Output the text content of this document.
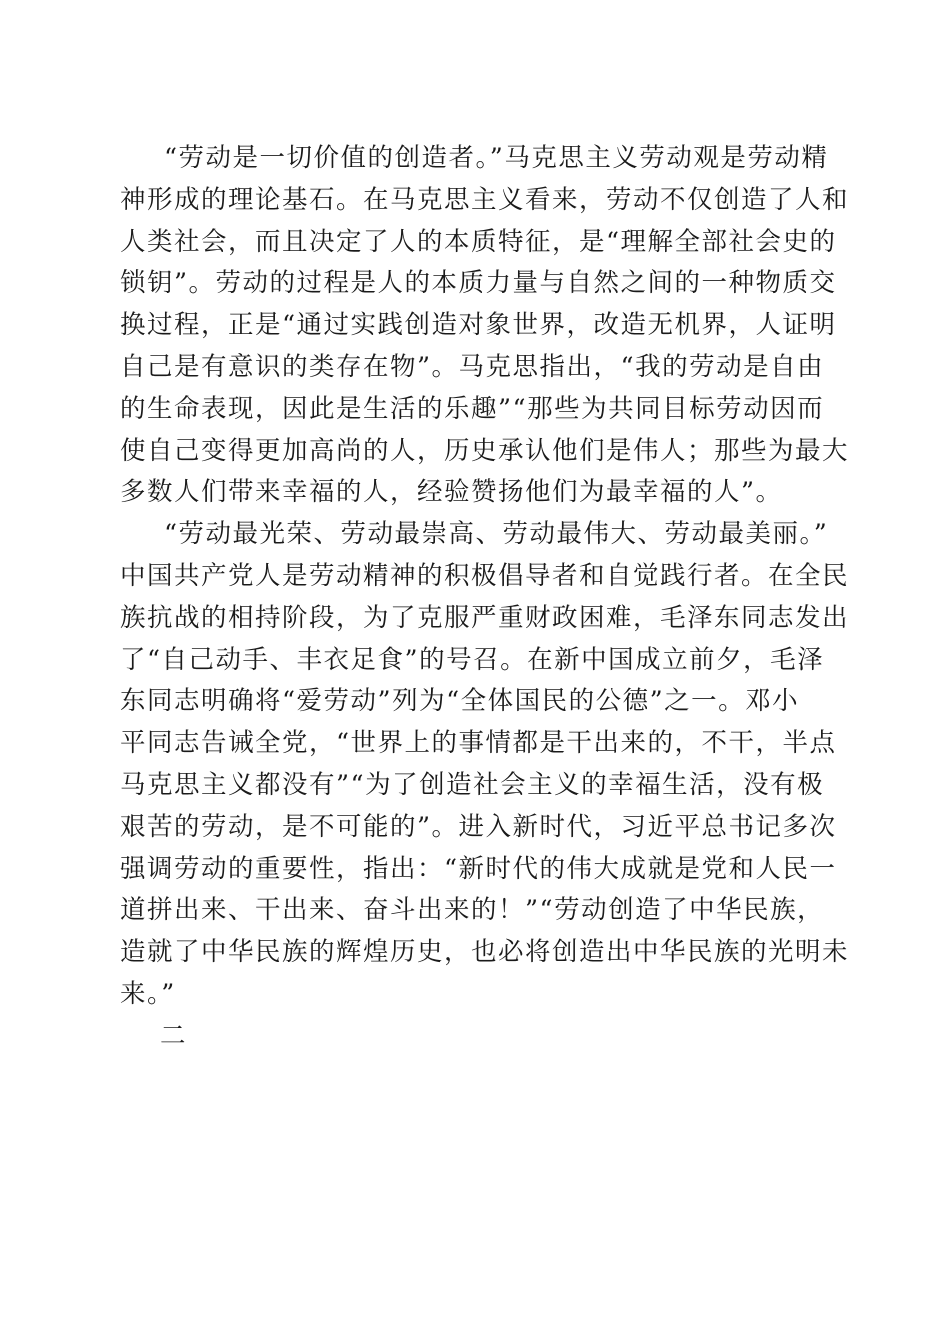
“劳动是一切价值的创造者。”马克思主义劳动观是劳动精
神形成的理论基石。在马克思主义看来，劳动不仅创造了人和
人类社会，而且决定了人的本质特征，是“理解全部社会史的
锁钥”。劳动的过程是人的本质力量与自然之间的一种物质交
换过程，正是“通过实践创造对象世界，改造无机界，人证明
自己是有意识的类存在物”。马克思指出，“我的劳动是自由
的生命表现，因此是生活的乐趣”“那些为共同目标劳动因而
使自己变得更加高尚的人，历史承认他们是伟人；那些为最大
多数人们带来幸福的人，经验赞扬他们为最幸福的人”。
“劳动最光荣、劳动最崇高、劳动最伟大、劳动最美丽。”
中国共产党人是劳动精神的积极倡导者和自觉践行者。在全民
族抗战的相持阶段，为了克服严重财政困难，毛泽东同志发出
了“自己动手、丰衣足食”的号召。在新中国成立前夕，毛泽
东同志明确将“爱劳动”列为“全体国民的公德”之一。邓小
平同志告诫全党，“世界上的事情都是干出来的，不干，半点
马克思主义都没有”“为了创造社会主义的幸福生活，没有极
艰苦的劳动，是不可能的”。进入新时代，习近平总书记多次
强调劳动的重要性，指出：“新时代的伟大成就是党和人民一
道拼出来、干出来、奋斗出来的！”“劳动创造了中华民族，
造就了中华民族的辉煌历史，也必将创造出中华民族的光明未
来。”
二
